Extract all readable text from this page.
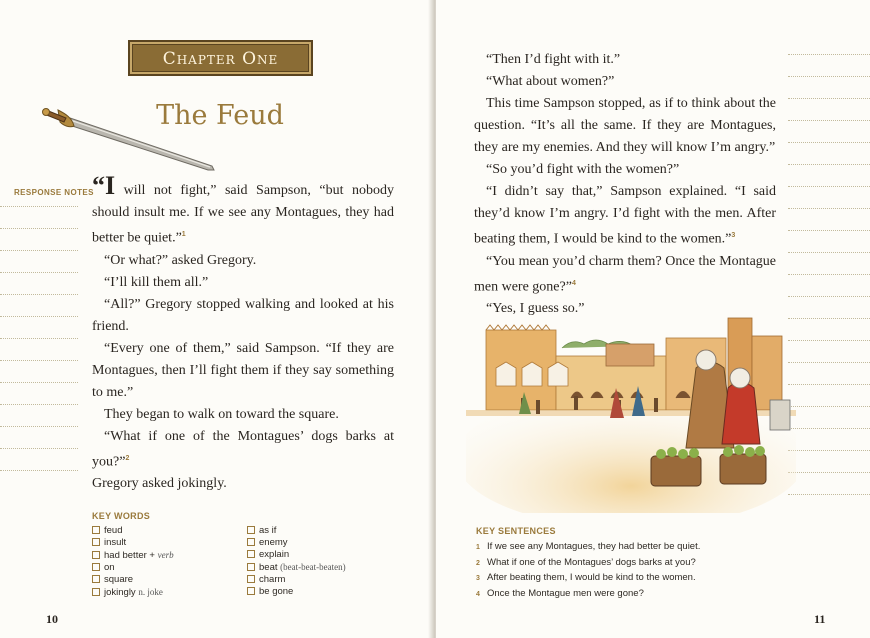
Chapter One
The Feud
RESPONSE NOTES

“I will not fight,” said Sampson, “but nobody should insult me. If we see any Montagues, they had better be quiet.”$^1$

“Or what?” asked Gregory.

“I’ll kill them all.”

“All?” Gregory stopped walking and looked at his friend.

“Every one of them,” said Sampson. “If they are Montagues, then I’ll fight them if they say something to me.”

They began to walk on toward the square.

“What if one of the Montagues’ dogs barks at you?”$^2$

Gregory asked jokingly.

KEY WORDS
feud
insult
had better + verb
on
square
jokingly n. joke
as if
enemy
explain
beat (beat-beat-beaten)
charm
be gone
10

“Then I’d fight with it.”

“What about women?”

This time Sampson stopped, as if to think about the question. “It’s all the same. If they are Montagues, they are my enemies. And they will know I’m angry.”

“So you’d fight with the women?”

“I didn’t say that,” Sampson explained. “I said they’d know I’m angry. I’d fight with the men. After beating them, I would be kind to the women.”$^3$

“You mean you’d charm them? Once the Montague men were gone?”$^4$

“Yes, I guess so.”

KEY SENTENCES
1 If we see any Montagues, they had better be quiet.
2 What if one of the Montagues’ dogs barks at you?
3 After beating them, I would be kind to the women.
4 Once the Montague men were gone?
11
